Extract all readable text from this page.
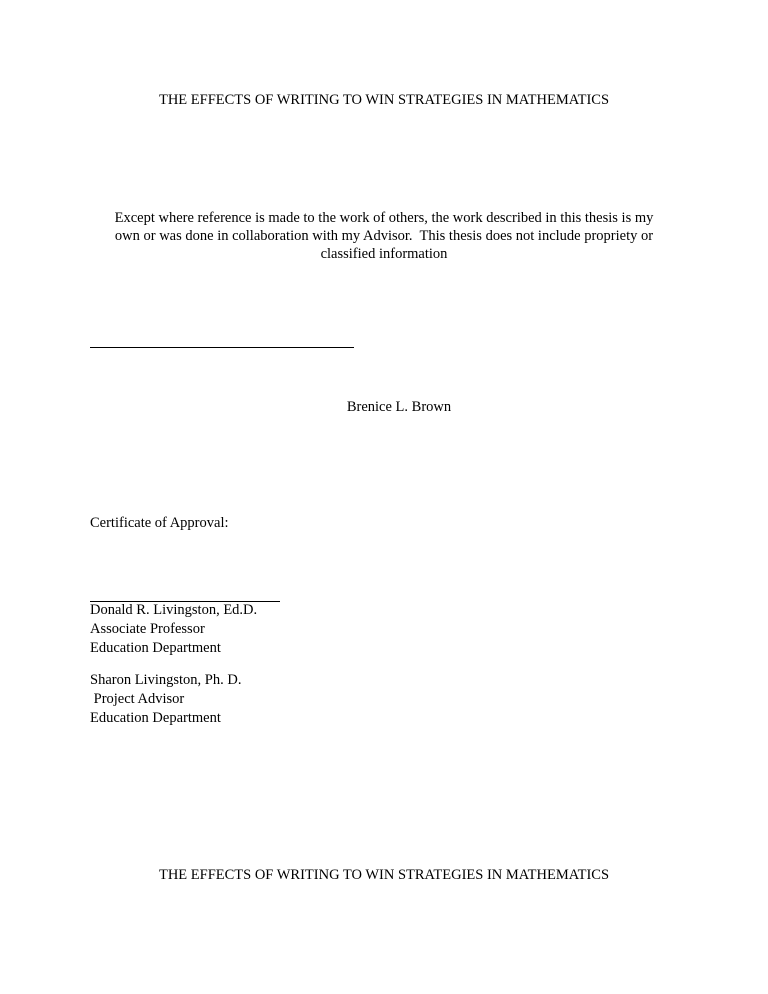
THE EFFECTS OF WRITING TO WIN STRATEGIES IN MATHEMATICS
Except where reference is made to the work of others, the work described in this thesis is my
own or was done in collaboration with my Advisor.  This thesis does not include propriety or
classified information
Brenice L. Brown
Certificate of Approval:
Donald R. Livingston, Ed.D.
Associate Professor
Education Department
Sharon Livingston, Ph. D.
Project Advisor
Education Department
THE EFFECTS OF WRITING TO WIN STRATEGIES IN MATHEMATICS
